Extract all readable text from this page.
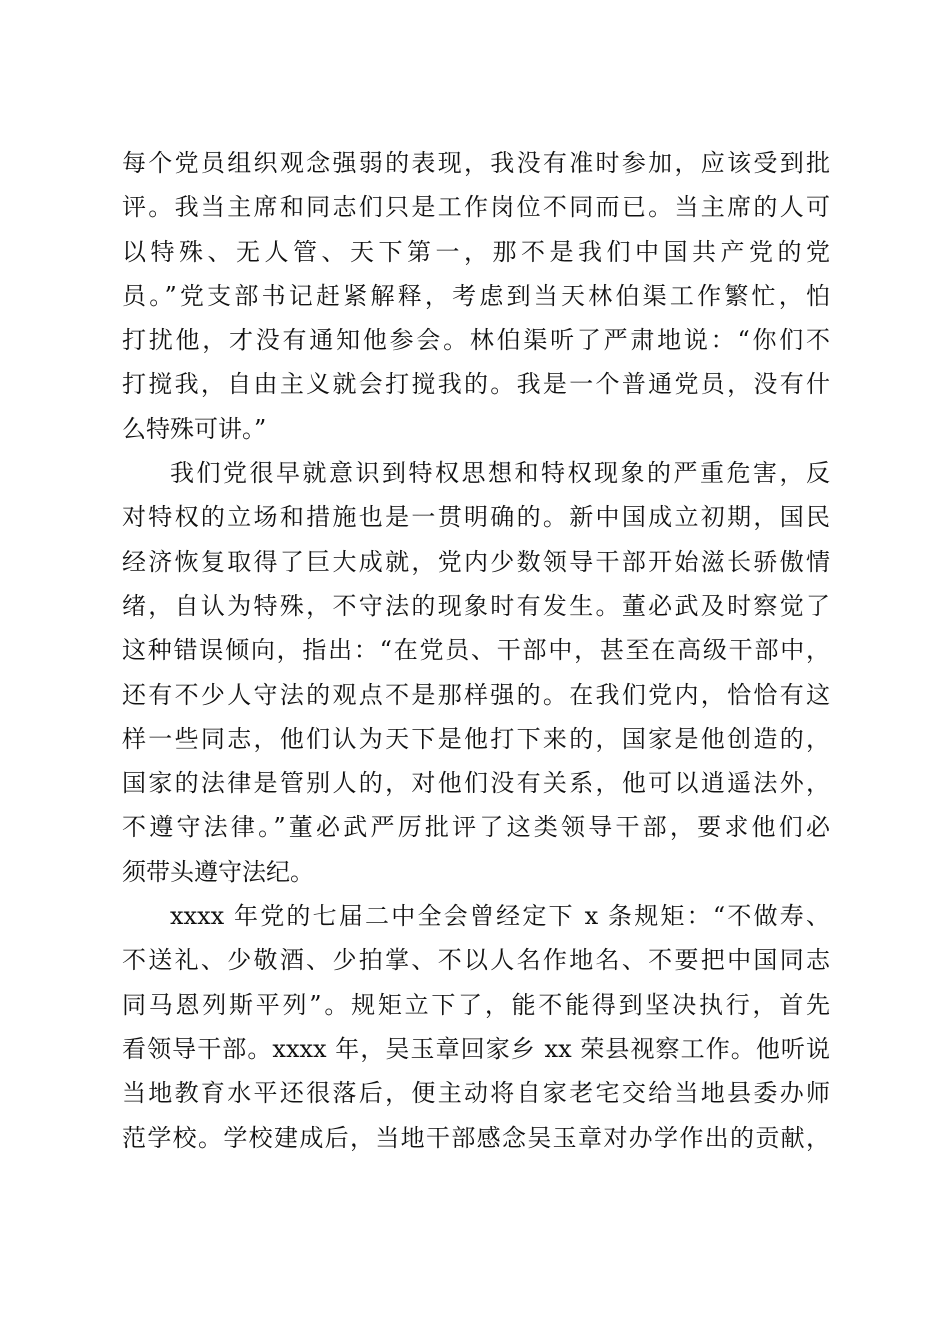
每个党员组织观念强弱的表现，我没有准时参加，应该受到批
评。我当主席和同志们只是工作岗位不同而已。当主席的人可
以特殊、无人管、天下第一，那不是我们中国共产党的党
员。”党支部书记赶紧解释，考虑到当天林伯渠工作繁忙，怕
打扰他，才没有通知他参会。林伯渠听了严肃地说：“你们不
打搅我，自由主义就会打搅我的。我是一个普通党员，没有什
么特殊可讲。”
我们党很早就意识到特权思想和特权现象的严重危害，反
对特权的立场和措施也是一贯明确的。新中国成立初期，国民
经济恢复取得了巨大成就，党内少数领导干部开始滋长骄傲情
绪，自认为特殊，不守法的现象时有发生。董必武及时察觉了
这种错误倾向，指出：“在党员、干部中，甚至在高级干部中，
还有不少人守法的观点不是那样强的。在我们党内，恰恰有这
样一些同志，他们认为天下是他打下来的，国家是他创造的，
国家的法律是管别人的，对他们没有关系，他可以逍遥法外，
不遵守法律。”董必武严厉批评了这类领导干部，要求他们必
须带头遵守法纪。
xxxx 年党的七届二中全会曾经定下 x 条规矩：“不做寿、
不送礼、少敬酒、少拍掌、不以人名作地名、不要把中国同志
同马恩列斯平列”。规矩立下了，能不能得到坚决执行，首先
看领导干部。xxxx 年，吴玉章回家乡 xx 荣县视察工作。他听说
当地教育水平还很落后，便主动将自家老宅交给当地县委办师
范学校。学校建成后，当地干部感念吴玉章对办学作出的贡献，
